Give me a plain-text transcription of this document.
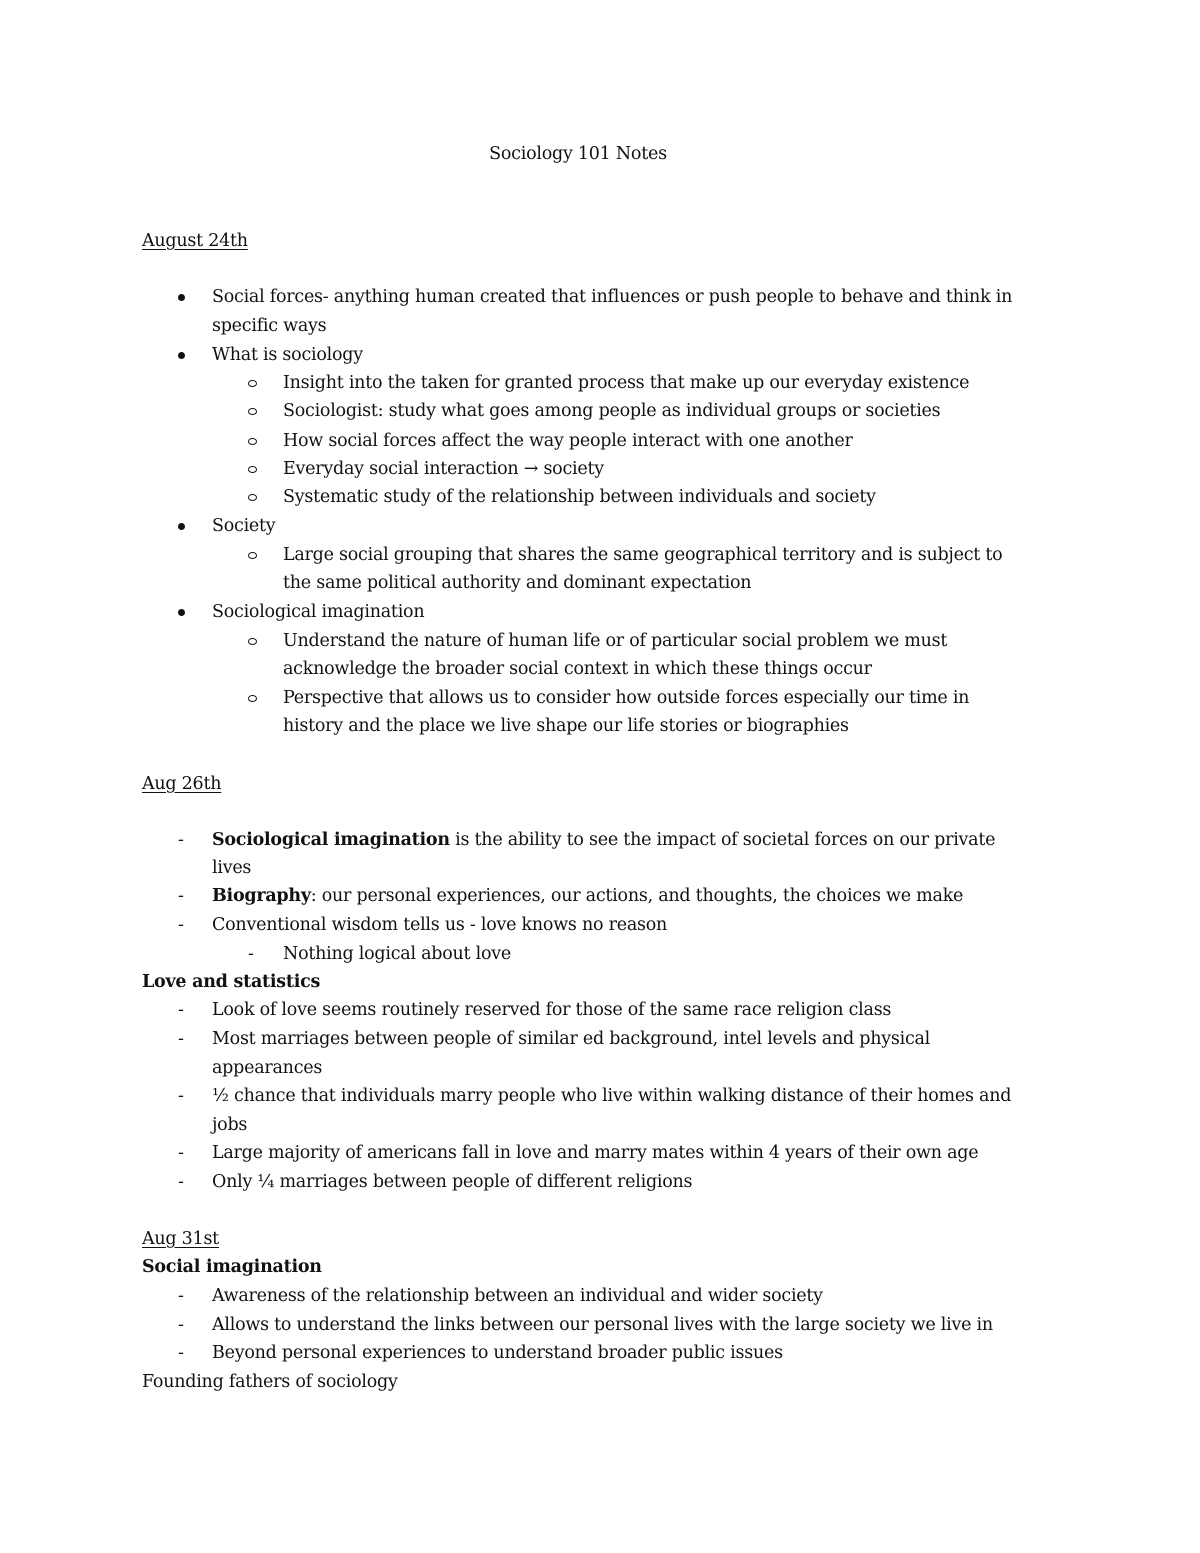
Sociology 101 Notes
August 24th
Social forces- anything human created that influences or push people to behave and think in
specific ways
What is sociology
Insight into the taken for granted process that make up our everyday existence
Sociologist: study what goes among people as individual groups or societies
How social forces affect the way people interact with one another
Everyday social interaction → society
Systematic study of the relationship between individuals and society
Society
Large social grouping that shares the same geographical territory and is subject to
the same political authority and dominant expectation
Sociological imagination
Understand the nature of human life or of particular social problem we must
acknowledge the broader social context in which these things occur
Perspective that allows us to consider how outside forces especially our time in
history and the place we live shape our life stories or biographies
Aug 26th
- Sociological imagination is the ability to see the impact of societal forces on our private
lives
- Biography: our personal experiences, our actions, and thoughts, the choices we make
- Conventional wisdom tells us - love knows no reason
- Nothing logical about love
Love and statistics
- Look of love seems routinely reserved for those of the same race religion class
- Most marriages between people of similar ed background, intel levels and physical
appearances
- ½ chance that individuals marry people who live within walking distance of their homes and
jobs
- Large majority of americans fall in love and marry mates within 4 years of their own age
- Only ¼ marriages between people of different religions
Aug 31st
Social imagination
- Awareness of the relationship between an individual and wider society
- Allows to understand the links between our personal lives with the large society we live in
- Beyond personal experiences to understand broader public issues
Founding fathers of sociology
